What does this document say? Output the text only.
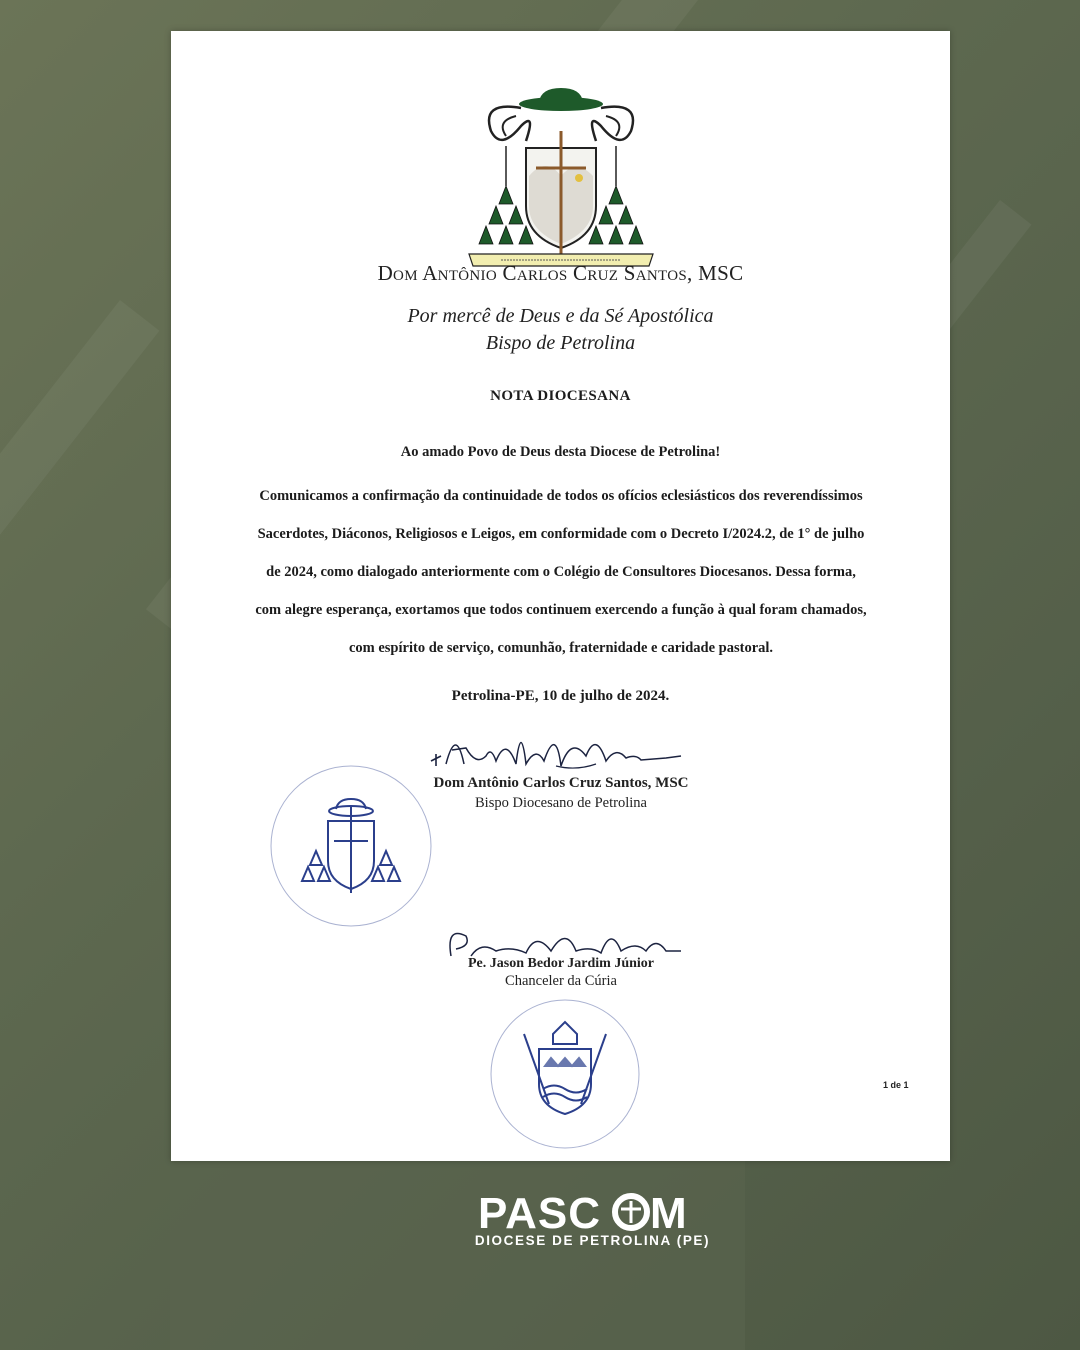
Dom Antônio Carlos Cruz Santos, MSC
Por mercê de Deus e da Sé Apostólica
Bispo de Petrolina
NOTA DIOCESANA
Ao amado Povo de Deus desta Diocese de Petrolina!
Comunicamos a confirmação da continuidade de todos os ofícios eclesiásticos dos reverendíssimos
Sacerdotes, Diáconos, Religiosos e Leigos, em conformidade com o Decreto I/2024.2, de 1° de julho
de 2024, como dialogado anteriormente com o Colégio de Consultores Diocesanos. Dessa forma,
com alegre esperança, exortamos que todos continuem exercendo a função à qual foram chamados,
com espírito de serviço, comunhão, fraternidade e caridade pastoral.
Petrolina-PE, 10 de julho de 2024.
Dom Antônio Carlos Cruz Santos, MSC
Bispo Diocesano de Petrolina
Pe. Jason Bedor Jardim Júnior
Chanceler da Cúria
1 de 1
PASC M
DIOCESE DE PETROLINA (PE)
